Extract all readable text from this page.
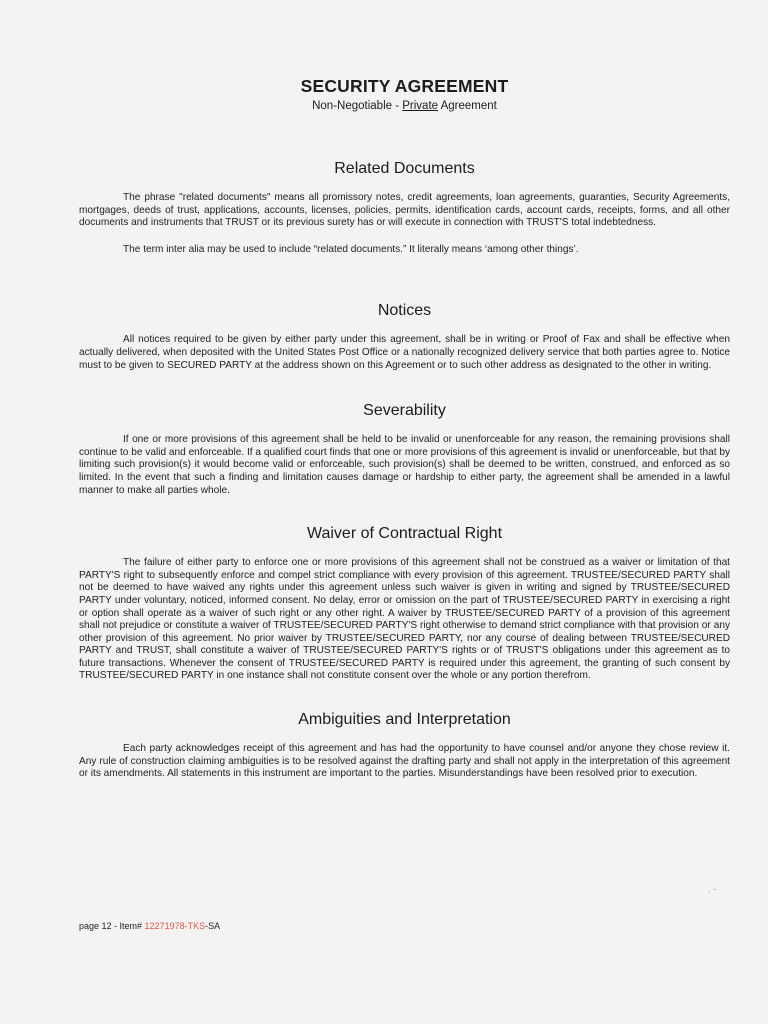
SECURITY AGREEMENT
Non-Negotiable - Private Agreement
Related Documents

The phrase "related documents" means all promissory notes, credit agreements, loan agreements, guaranties, Security Agreements, mortgages, deeds of trust, applications, accounts, licenses, policies, permits, identification cards, account cards, receipts, forms, and all other documents and instruments that TRUST or its previous surety has or will execute in connection with TRUST'S total indebtedness.

The term inter alia may be used to include “related documents.” It literally means ‘among other things’.

Notices

All notices required to be given by either party under this agreement, shall be in writing or Proof of Fax and shall be effective when actually delivered, when deposited with the United States Post Office or a nationally recognized delivery service that both parties agree to. Notice must to be given to SECURED PARTY at the address shown on this Agreement or to such other address as designated to the other in writing.

Severability

If one or more provisions of this agreement shall be held to be invalid or unenforceable for any reason, the remaining provisions shall continue to be valid and enforceable. If a qualified court finds that one or more provisions of this agreement is invalid or unenforceable, but that by limiting such provision(s) it would become valid or enforceable, such provision(s) shall be deemed to be written, construed, and enforced as so limited. In the event that such a finding and limitation causes damage or hardship to either party, the agreement shall be amended in a lawful manner to make all parties whole.

Waiver of Contractual Right

The failure of either party to enforce one or more provisions of this agreement shall not be construed as a waiver or limitation of that PARTY'S right to subsequently enforce and compel strict compliance with every provision of this agreement. TRUSTEE/SECURED PARTY shall not be deemed to have waived any rights under this agreement unless such waiver is given in writing and signed by TRUSTEE/SECURED PARTY under voluntary, noticed, informed consent. No delay, error or omission on the part of TRUSTEE/SECURED PARTY in exercising a right or option shall operate as a waiver of such right or any other right. A waiver by TRUSTEE/SECURED PARTY of a provision of this agreement shall not prejudice or constitute a waiver of TRUSTEE/SECURED PARTY'S right otherwise to demand strict compliance with that provision or any other provision of this agreement. No prior waiver by TRUSTEE/SECURED PARTY, nor any course of dealing between TRUSTEE/SECURED PARTY and TRUST, shall constitute a waiver of TRUSTEE/SECURED PARTY'S rights or of TRUST'S obligations under this agreement as to future transactions. Whenever the consent of TRUSTEE/SECURED PARTY is required under this agreement, the granting of such consent by TRUSTEE/SECURED PARTY in one instance shall not constitute consent over the whole or any portion therefrom.

Ambiguities and Interpretation

Each party acknowledges receipt of this agreement and has had the opportunity to have counsel and/or anyone they chose review it. Any rule of construction claiming ambiguities is to be resolved against the drafting party and shall not apply in the interpretation of this agreement or its amendments. All statements in this instrument are important to the parties. Misunderstandings have been resolved prior to execution.

. -
page 12 - Item# 12271978-TKS-SA
